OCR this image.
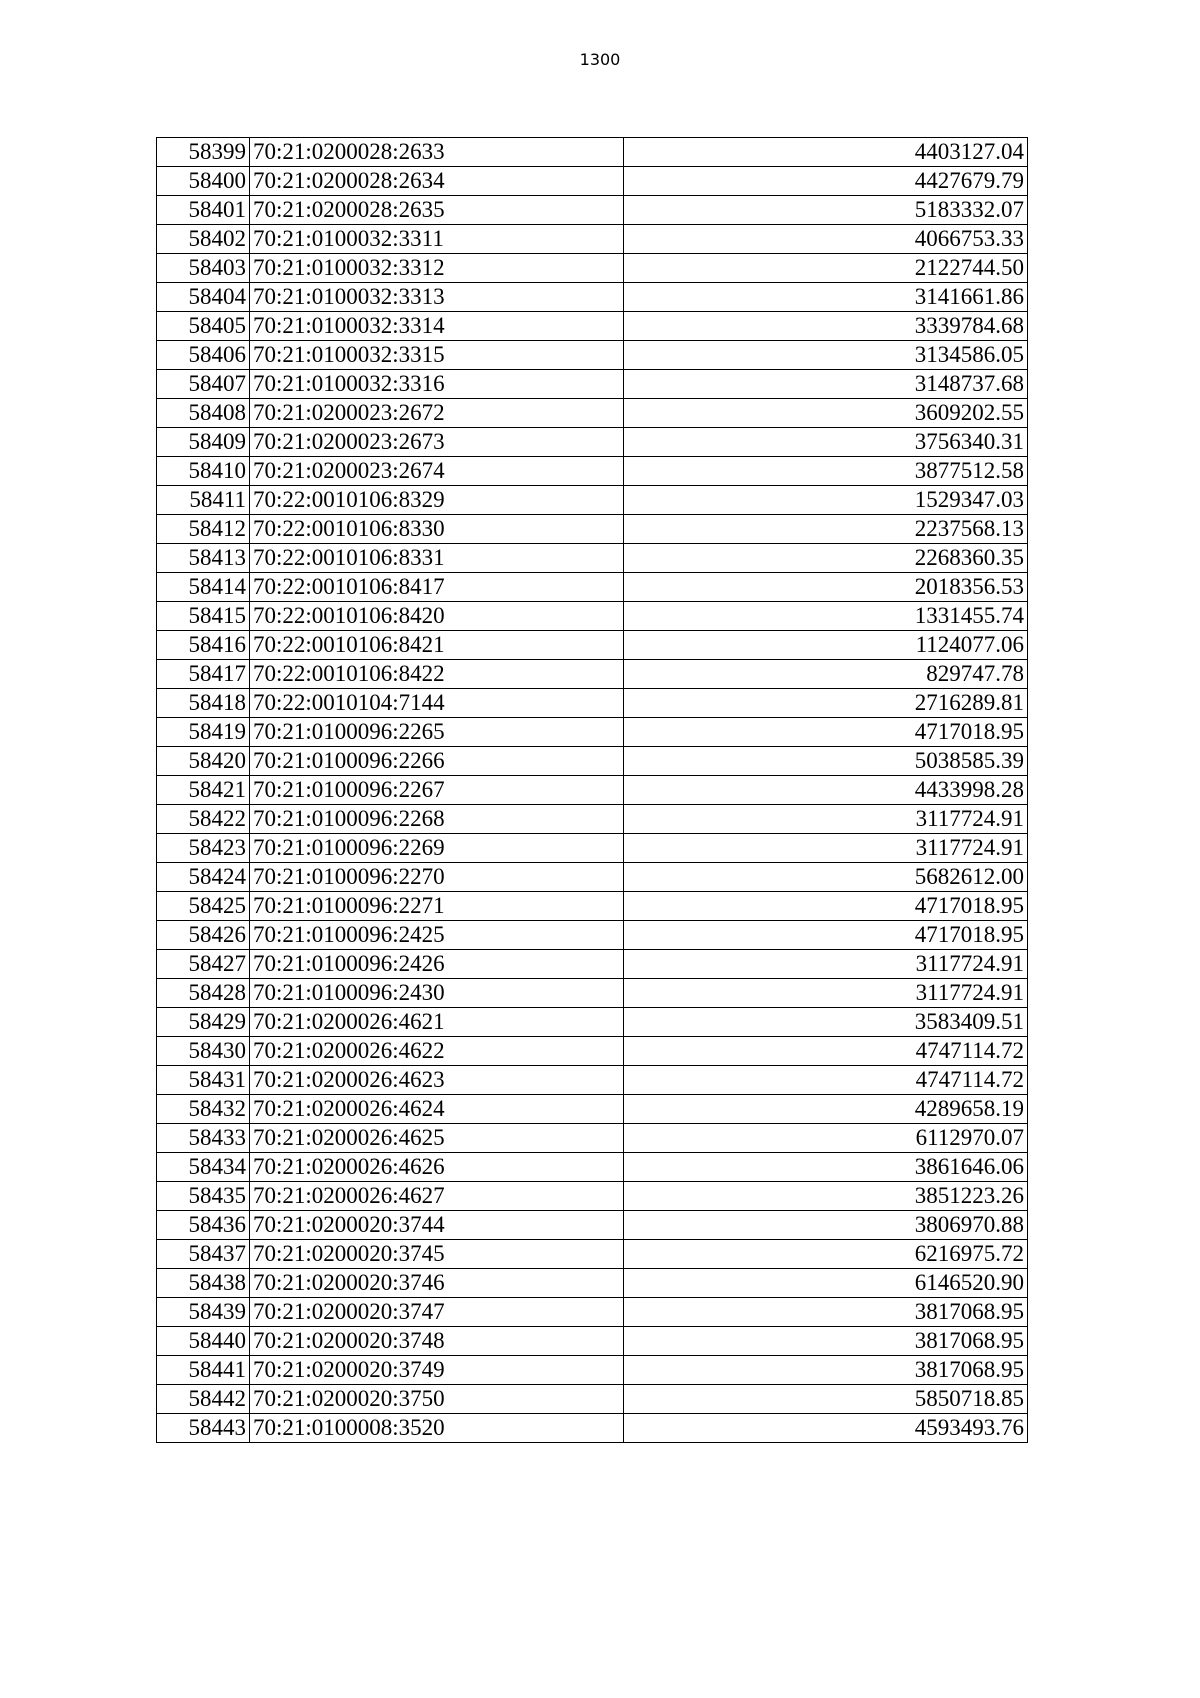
1300
58399	70:21:0200028:2633	4403127.04
58400	70:21:0200028:2634	4427679.79
58401	70:21:0200028:2635	5183332.07
58402	70:21:0100032:3311	4066753.33
58403	70:21:0100032:3312	2122744.50
58404	70:21:0100032:3313	3141661.86
58405	70:21:0100032:3314	3339784.68
58406	70:21:0100032:3315	3134586.05
58407	70:21:0100032:3316	3148737.68
58408	70:21:0200023:2672	3609202.55
58409	70:21:0200023:2673	3756340.31
58410	70:21:0200023:2674	3877512.58
58411	70:22:0010106:8329	1529347.03
58412	70:22:0010106:8330	2237568.13
58413	70:22:0010106:8331	2268360.35
58414	70:22:0010106:8417	2018356.53
58415	70:22:0010106:8420	1331455.74
58416	70:22:0010106:8421	1124077.06
58417	70:22:0010106:8422	829747.78
58418	70:22:0010104:7144	2716289.81
58419	70:21:0100096:2265	4717018.95
58420	70:21:0100096:2266	5038585.39
58421	70:21:0100096:2267	4433998.28
58422	70:21:0100096:2268	3117724.91
58423	70:21:0100096:2269	3117724.91
58424	70:21:0100096:2270	5682612.00
58425	70:21:0100096:2271	4717018.95
58426	70:21:0100096:2425	4717018.95
58427	70:21:0100096:2426	3117724.91
58428	70:21:0100096:2430	3117724.91
58429	70:21:0200026:4621	3583409.51
58430	70:21:0200026:4622	4747114.72
58431	70:21:0200026:4623	4747114.72
58432	70:21:0200026:4624	4289658.19
58433	70:21:0200026:4625	6112970.07
58434	70:21:0200026:4626	3861646.06
58435	70:21:0200026:4627	3851223.26
58436	70:21:0200020:3744	3806970.88
58437	70:21:0200020:3745	6216975.72
58438	70:21:0200020:3746	6146520.90
58439	70:21:0200020:3747	3817068.95
58440	70:21:0200020:3748	3817068.95
58441	70:21:0200020:3749	3817068.95
58442	70:21:0200020:3750	5850718.85
58443	70:21:0100008:3520	4593493.76
